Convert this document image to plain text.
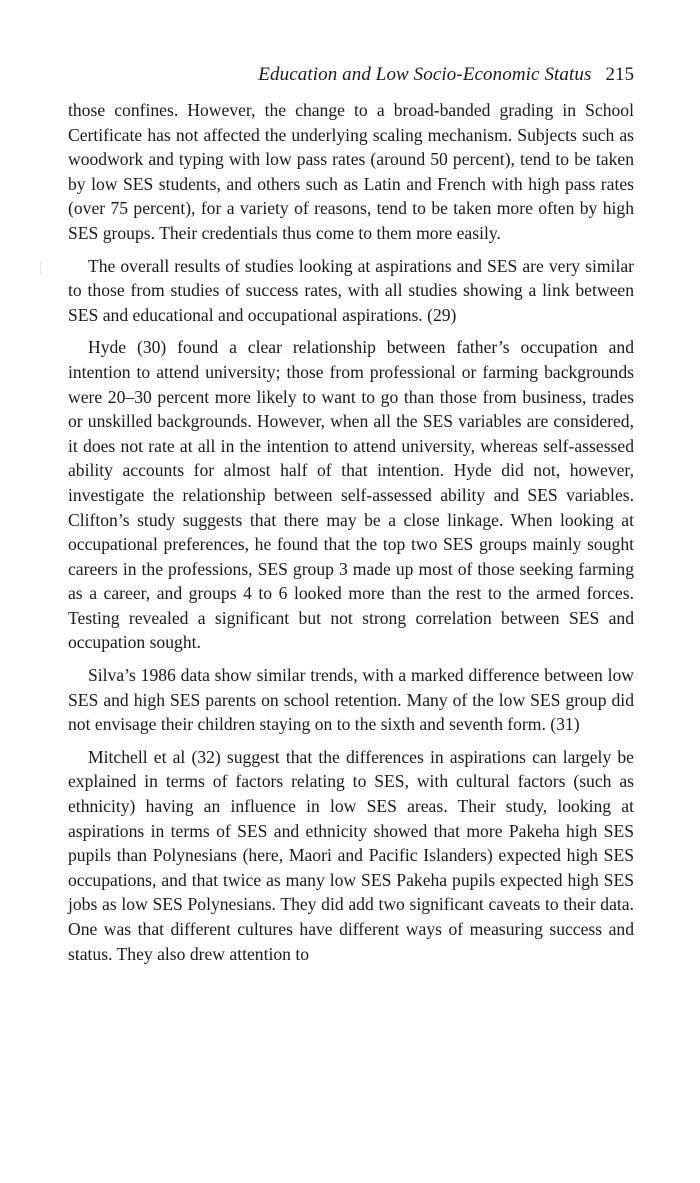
Education and Low Socio-Economic Status 215

those confines. However, the change to a broad-banded grading in School Certificate has not affected the underlying scaling mechanism. Subjects such as woodwork and typing with low pass rates (around 50 percent), tend to be taken by low SES students, and others such as Latin and French with high pass rates (over 75 percent), for a variety of reasons, tend to be taken more often by high SES groups. Their credentials thus come to them more easily.

The overall results of studies looking at aspirations and SES are very similar to those from studies of success rates, with all studies showing a link between SES and educational and occupational aspirations. (29)

Hyde (30) found a clear relationship between father’s occupation and intention to attend university; those from professional or farming backgrounds were 20–30 percent more likely to want to go than those from business, trades or unskilled backgrounds. However, when all the SES variables are considered, it does not rate at all in the intention to attend university, whereas self-assessed ability accounts for almost half of that intention. Hyde did not, however, investigate the relationship between self-assessed ability and SES variables. Clifton’s study suggests that there may be a close linkage. When looking at occupational preferences, he found that the top two SES groups mainly sought careers in the professions, SES group 3 made up most of those seeking farming as a career, and groups 4 to 6 looked more than the rest to the armed forces. Testing revealed a significant but not strong correlation between SES and occupation sought.

Silva’s 1986 data show similar trends, with a marked difference between low SES and high SES parents on school retention. Many of the low SES group did not envisage their children staying on to the sixth and seventh form. (31)

Mitchell et al (32) suggest that the differences in aspirations can largely be explained in terms of factors relating to SES, with cultural factors (such as ethnicity) having an influence in low SES areas. Their study, looking at aspirations in terms of SES and ethnicity showed that more Pakeha high SES pupils than Polynesians (here, Maori and Pacific Islanders) expected high SES occupations, and that twice as many low SES Pakeha pupils expected high SES jobs as low SES Polynesians. They did add two significant caveats to their data. One was that different cultures have different ways of measuring success and status. They also drew attention to
